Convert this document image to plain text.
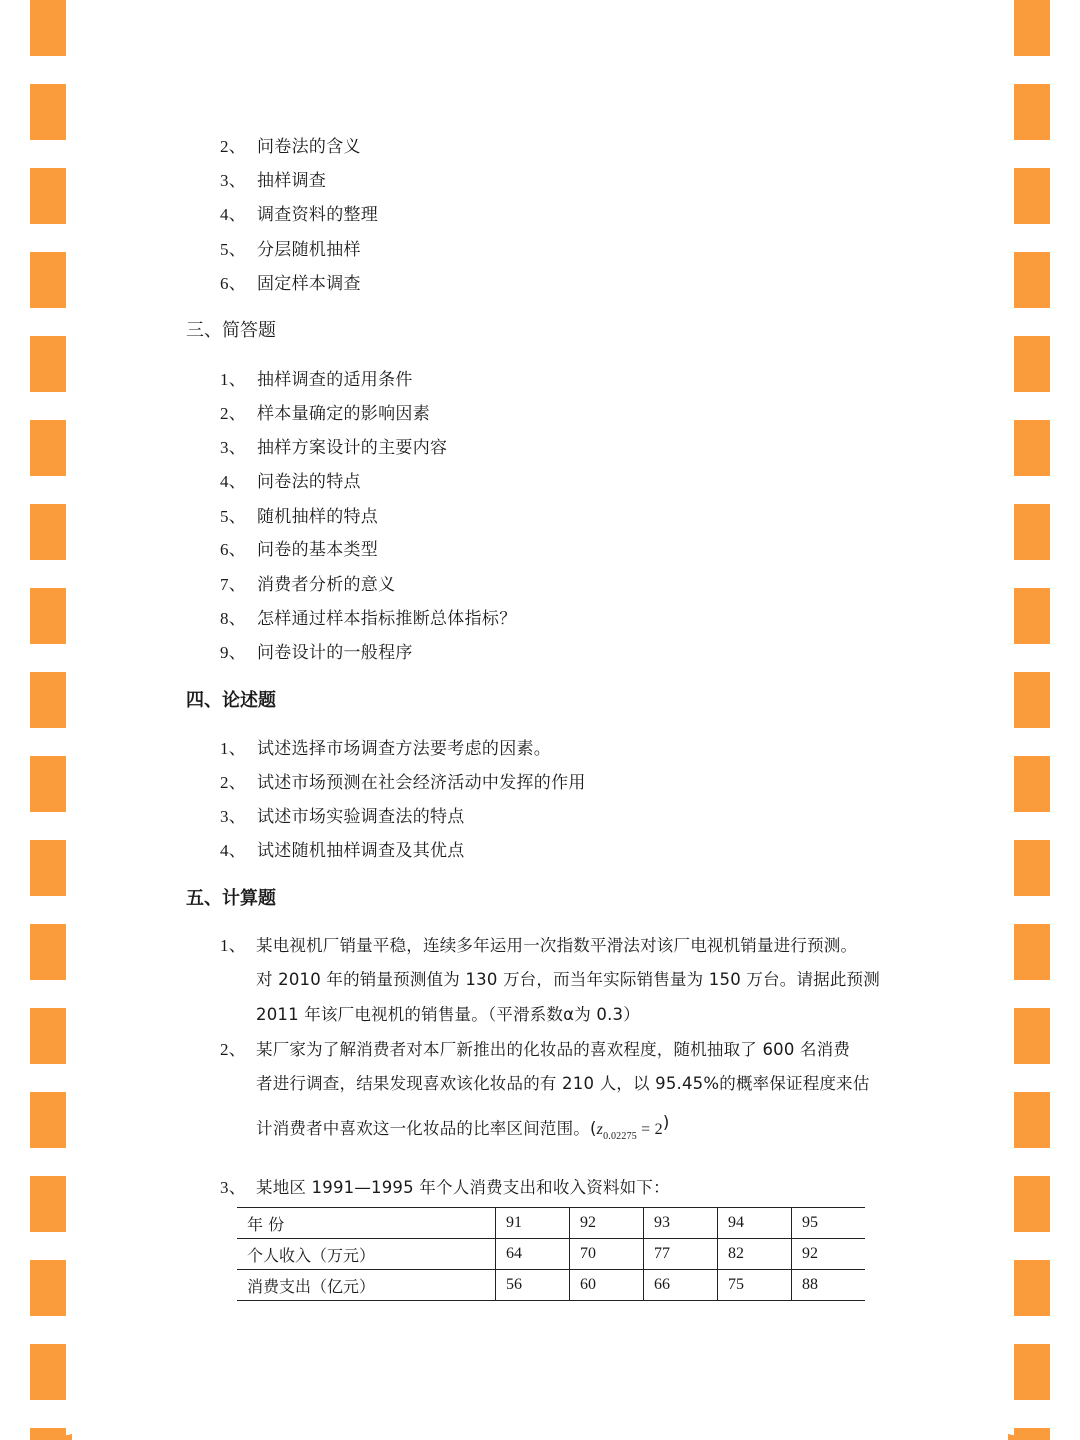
2、 问卷法的含义
3、 抽样调查
4、 调查资料的整理
5、 分层随机抽样
6、 固定样本调查
三、简答题
1、 抽样调查的适用条件
2、 样本量确定的影响因素
3、 抽样方案设计的主要内容
4、 问卷法的特点
5、 随机抽样的特点
6、 问卷的基本类型
7、 消费者分析的意义
8、 怎样通过样本指标推断总体指标？
9、 问卷设计的一般程序
四、论述题
1、 试述选择市场调查方法要考虑的因素。
2、 试述市场预测在社会经济活动中发挥的作用
3、 试述市场实验调查法的特点
4、 试述随机抽样调查及其优点
五、计算题
1、 某电视机厂销量平稳，连续多年运用一次指数平滑法对该厂电视机销量进行预测。
对 2010 年的销量预测值为 130 万台，而当年实际销售量为 150 万台。请据此预测
2011 年该厂电视机的销售量。（平滑系数α为 0.3）
2、 某厂家为了解消费者对本厂新推出的化妆品的喜欢程度，随机抽取了 600 名消费
者进行调查，结果发现喜欢该化妆品的有 210 人，以 95.45%的概率保证程度来估
计消费者中喜欢这一化妆品的比率区间范围。$(z_{0.02275} = 2)$
3、 某地区 1991—1995 年个人消费支出和收入资料如下：
年 份	91	92	93	94	95
个人收入（万元）	64	70	77	82	92
消费支出（亿元）	56	60	66	75	88
